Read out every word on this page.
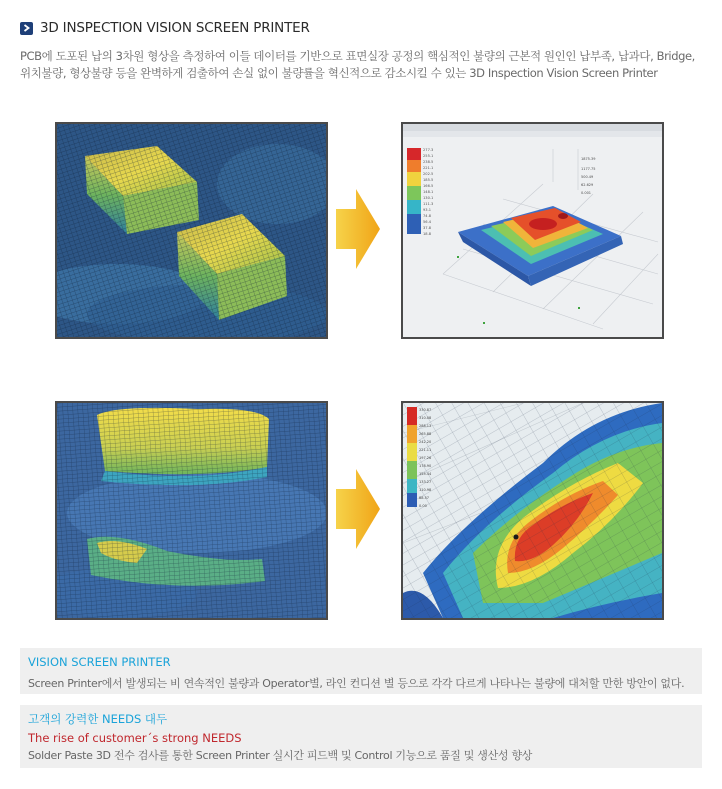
3D INSPECTION VISION SCREEN PRINTER
PCB에 도포된 납의 3차원 형상을 측정하여 이들 데이터를 기반으로 표면실장 공정의 핵심적인 불량의 근본적 원인인 납부족, 납과다, Bridge,
위치불량, 형상불량 등을 완벽하게 검출하여 손실 없이 불량률을 혁신적으로 감소시킬 수 있는 3D Inspection Vision Screen Printer
277.3
255.1
238.5
221.1
202.5
185.5
166.5
148.1
130.1
111.3
93.1
74.8
56.4
37.8
18.8
1875.39
1177.75
500.49
62.629
0.001
330.87
310.08
288.13
265.88
242.20
221.11
197.26
178.90
155.44
133.27
110.98
88.57
0.00
VISION SCREEN PRINTER
Screen Printer에서 발생되는 비 연속적인 불량과 Operator별, 라인 컨디션 별 등으로 각각 다르게 나타나는 불량에 대처할 만한 방안이 없다.
고객의 강력한 NEEDS 대두
The rise of customer´s strong NEEDS
Solder Paste 3D 전수 검사를 통한 Screen Printer 실시간 피드백 및 Control 기능으로 품질 및 생산성 향상
